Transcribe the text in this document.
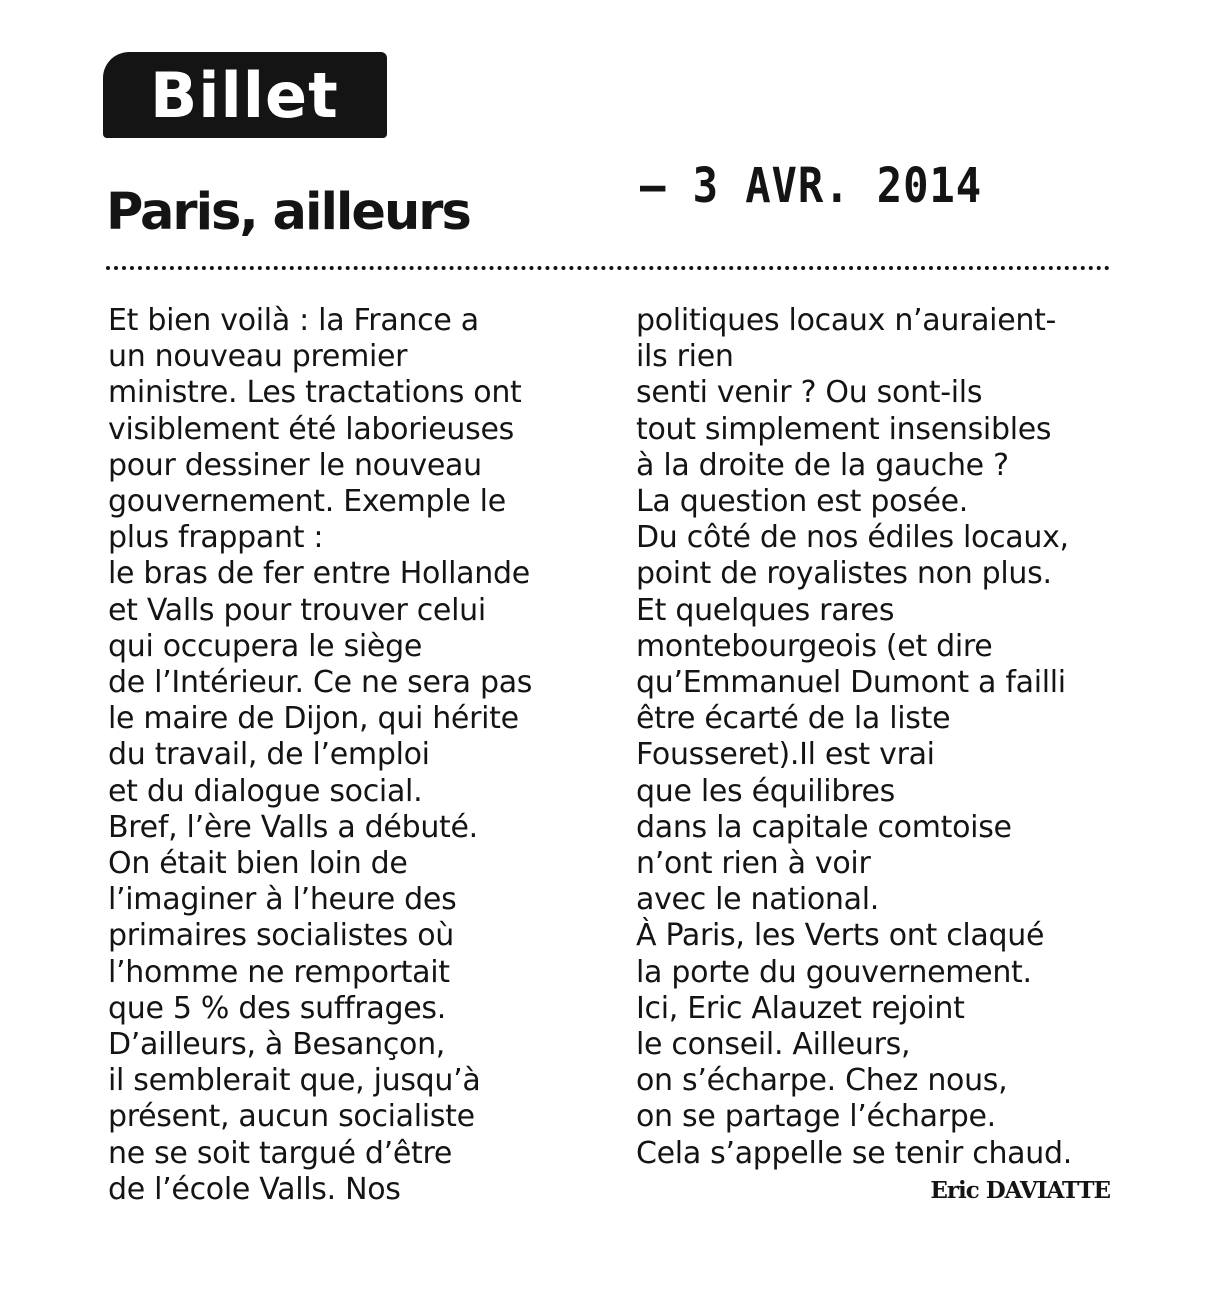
Billet
Paris, ailleurs	– 3 AVR. 2014
Et bien voilà : la France a
un nouveau premier
ministre. Les tractations ont
visiblement été laborieuses
pour dessiner le nouveau
gouvernement. Exemple le
plus frappant :
le bras de fer entre Hollande
et Valls pour trouver celui
qui occupera le siège
de l’Intérieur. Ce ne sera pas
le maire de Dijon, qui hérite
du travail, de l’emploi
et du dialogue social.
Bref, l’ère Valls a débuté.
On était bien loin de
l’imaginer à l’heure des
primaires socialistes où
l’homme ne remportait
que 5 % des suffrages.
D’ailleurs, à Besançon,
il semblerait que, jusqu’à
présent, aucun socialiste
ne se soit targué d’être
de l’école Valls. Nos
politiques locaux n’auraient-
ils rien
senti venir ? Ou sont-ils
tout simplement insensibles
à la droite de la gauche ?
La question est posée.
Du côté de nos édiles locaux,
point de royalistes non plus.
Et quelques rares
montebourgeois (et dire
qu’Emmanuel Dumont a failli
être écarté de la liste
Fousseret).Il est vrai
que les équilibres
dans la capitale comtoise
n’ont rien à voir
avec le national.
À Paris, les Verts ont claqué
la porte du gouvernement.
Ici, Eric Alauzet rejoint
le conseil. Ailleurs,
on s’écharpe. Chez nous,
on se partage l’écharpe.
Cela s’appelle se tenir chaud.
Eric DAVIATTE
